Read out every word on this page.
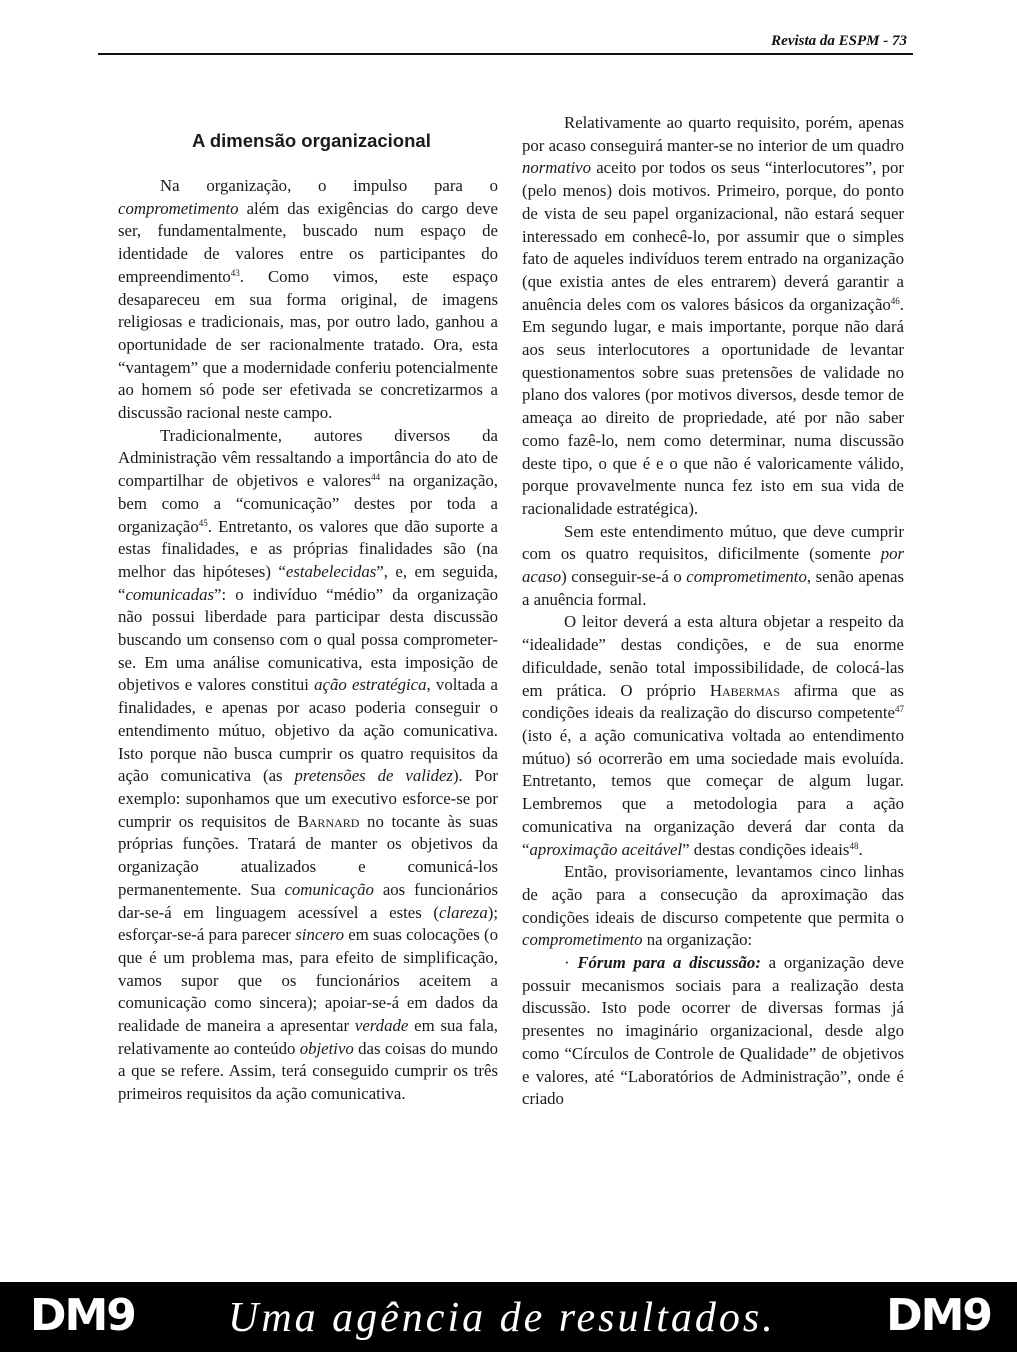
Revista da ESPM - 73
A dimensão organizacional

Na organização, o impulso para o comprometimento além das exigências do cargo deve ser, fundamentalmente, buscado num espaço de identidade de valores entre os participantes do empreendimento$^{43}$. Como vimos, este espaço desapareceu em sua forma original, de imagens religiosas e tradicionais, mas, por outro lado, ganhou a oportunidade de ser racionalmente tratado. Ora, esta “vantagem” que a modernidade conferiu potencialmente ao homem só pode ser efetivada se concretizarmos a discussão racional neste campo.

Tradicionalmente, autores diversos da Administração vêm ressaltando a importância do ato de compartilhar de objetivos e valores$^{44}$ na organização, bem como a “comunicação” destes por toda a organização$^{45}$. Entretanto, os valores que dão suporte a estas finalidades, e as próprias finalidades são (na melhor das hipóteses) “estabelecidas”, e, em seguida, “comunicadas”: o indivíduo “médio” da organização não possui liberdade para participar desta discussão buscando um consenso com o qual possa comprometer-se. Em uma análise comunicativa, esta imposição de objetivos e valores constitui ação estratégica, voltada a finalidades, e apenas por acaso poderia conseguir o entendimento mútuo, objetivo da ação comunicativa. Isto porque não busca cumprir os quatro requisitos da ação comunicativa (as pretensões de validez). Por exemplo: suponhamos que um executivo esforce-se por cumprir os requisitos de Barnard no tocante às suas próprias funções. Tratará de manter os objetivos da organização atualizados e comunicá-los permanentemente. Sua comunicação aos funcionários dar-se-á em linguagem acessível a estes (clareza); esforçar-se-á para parecer sincero em suas colocações (o que é um problema mas, para efeito de simplificação, vamos supor que os funcionários aceitem a comunicação como sincera); apoiar-se-á em dados da realidade de maneira a apresentar verdade em sua fala, relativamente ao conteúdo objetivo das coisas do mundo a que se refere. Assim, terá conseguido cumprir os três primeiros requisitos da ação comunicativa.

Relativamente ao quarto requisito, porém, apenas por acaso conseguirá manter-se no interior de um quadro normativo aceito por todos os seus “interlocutores”, por (pelo menos) dois motivos. Primeiro, porque, do ponto de vista de seu papel organizacional, não estará sequer interessado em conhecê-lo, por assumir que o simples fato de aqueles indivíduos terem entrado na organização (que existia antes de eles entrarem) deverá garantir a anuência deles com os valores básicos da organização$^{46}$. Em segundo lugar, e mais importante, porque não dará aos seus interlocutores a oportunidade de levantar questionamentos sobre suas pretensões de validade no plano dos valores (por motivos diversos, desde temor de ameaça ao direito de propriedade, até por não saber como fazê-lo, nem como determinar, numa discussão deste tipo, o que é e o que não é valoricamente válido, porque provavelmente nunca fez isto em sua vida de racionalidade estratégica).

Sem este entendimento mútuo, que deve cumprir com os quatro requisitos, dificilmente (somente por acaso) conseguir-se-á o comprometimento, senão apenas a anuência formal.

O leitor deverá a esta altura objetar a respeito da “idealidade” destas condições, e de sua enorme dificuldade, senão total impossibilidade, de colocá-las em prática. O próprio Habermas afirma que as condições ideais da realização do discurso competente$^{47}$ (isto é, a ação comunicativa voltada ao entendimento mútuo) só ocorrerão em uma sociedade mais evoluída. Entretanto, temos que começar de algum lugar. Lembremos que a metodologia para a ação comunicativa na organização deverá dar conta da “aproximação aceitável” destas condições ideais$^{48}$.

Então, provisoriamente, levantamos cinco linhas de ação para a consecução da aproximação das condições ideais de discurso competente que permita o comprometimento na organização:

· Fórum para a discussão: a organização deve possuir mecanismos sociais para a realização desta discussão. Isto pode ocorrer de diversas formas já presentes no imaginário organizacional, desde algo como “Círculos de Controle de Qualidade” de objetivos e valores, até “Laboratórios de Administração”, onde é criado

DM9 Uma agência de resultados.	DM9
